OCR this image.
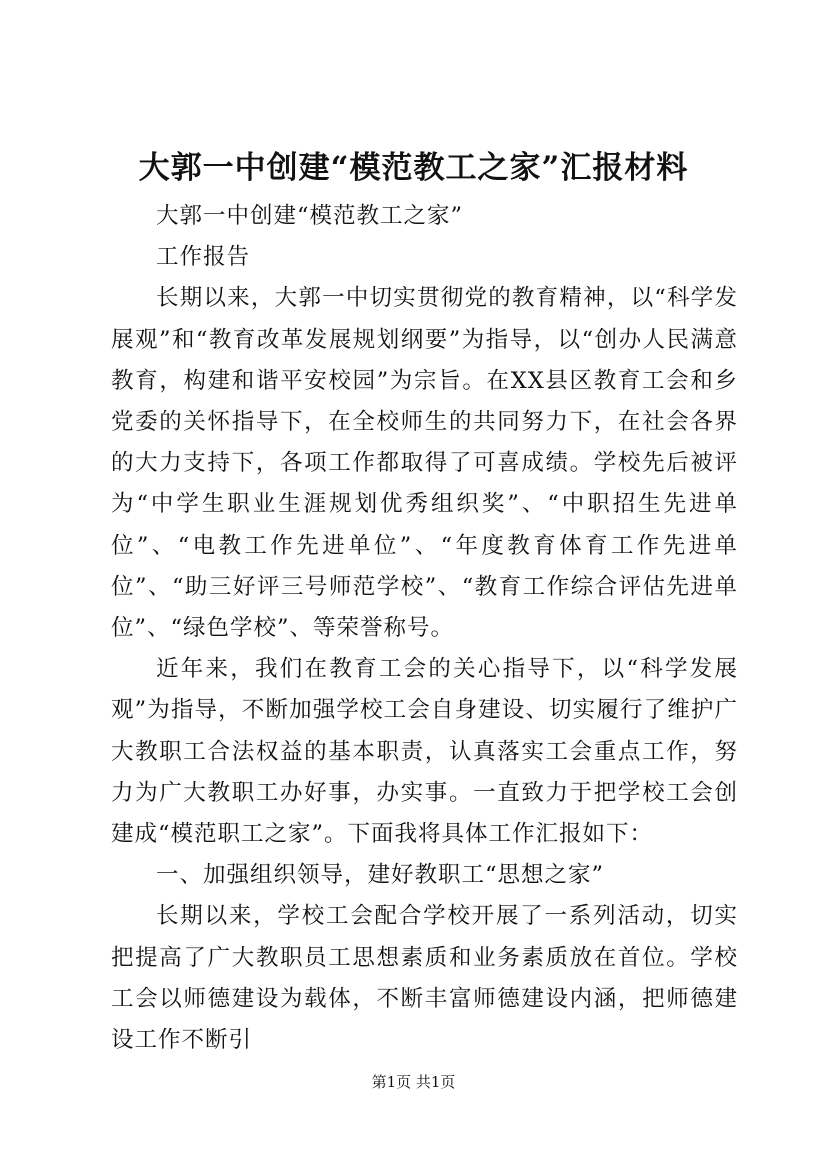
大郭一中创建“模范教工之家”汇报材料

大郭一中创建“模范教工之家”

工作报告

长期以来，大郭一中切实贯彻党的教育精神，以“科学发展观”和“教育改革发展规划纲要”为指导，以“创办人民满意教育，构建和谐平安校园”为宗旨。在XX县区教育工会和乡党委的关怀指导下，在全校师生的共同努力下，在社会各界的大力支持下，各项工作都取得了可喜成绩。学校先后被评为“中学生职业生涯规划优秀组织奖”、“中职招生先进单位”、“电教工作先进单位”、“年度教育体育工作先进单位”、“助三好评三号师范学校”、“教育工作综合评估先进单位”、“绿色学校”、等荣誉称号。

近年来，我们在教育工会的关心指导下，以“科学发展观”为指导，不断加强学校工会自身建设、切实履行了维护广大教职工合法权益的基本职责，认真落实工会重点工作，努力为广大教职工办好事，办实事。一直致力于把学校工会创建成“模范职工之家”。下面我将具体工作汇报如下：

一、加强组织领导，建好教职工“思想之家”

长期以来，学校工会配合学校开展了一系列活动，切实把提高了广大教职员工思想素质和业务素质放在首位。学校工会以师德建设为载体，不断丰富师德建设内涵，把师德建设工作不断引

第1页 共1页
